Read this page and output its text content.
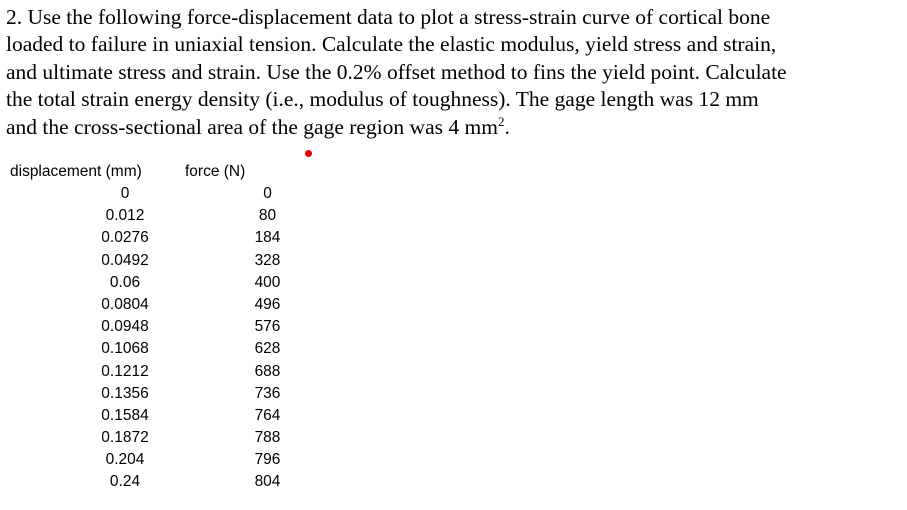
2. Use the following force-displacement data to plot a stress-strain curve of cortical bone
loaded to failure in uniaxial tension. Calculate the elastic modulus, yield stress and strain,
and ultimate stress and strain. Use the 0.2% offset method to fins the yield point. Calculate
the total strain energy density (i.e., modulus of toughness). The gage length was 12 mm
and the cross-sectional area of the gage region was 4 $mm^2$.
displacement (mm)	force (N)
0	0
0.012	80
0.0276	184
0.0492	328
0.06	400
0.0804	496
0.0948	576
0.1068	628
0.1212	688
0.1356	736
0.1584	764
0.1872	788
0.204	796
0.24	804
